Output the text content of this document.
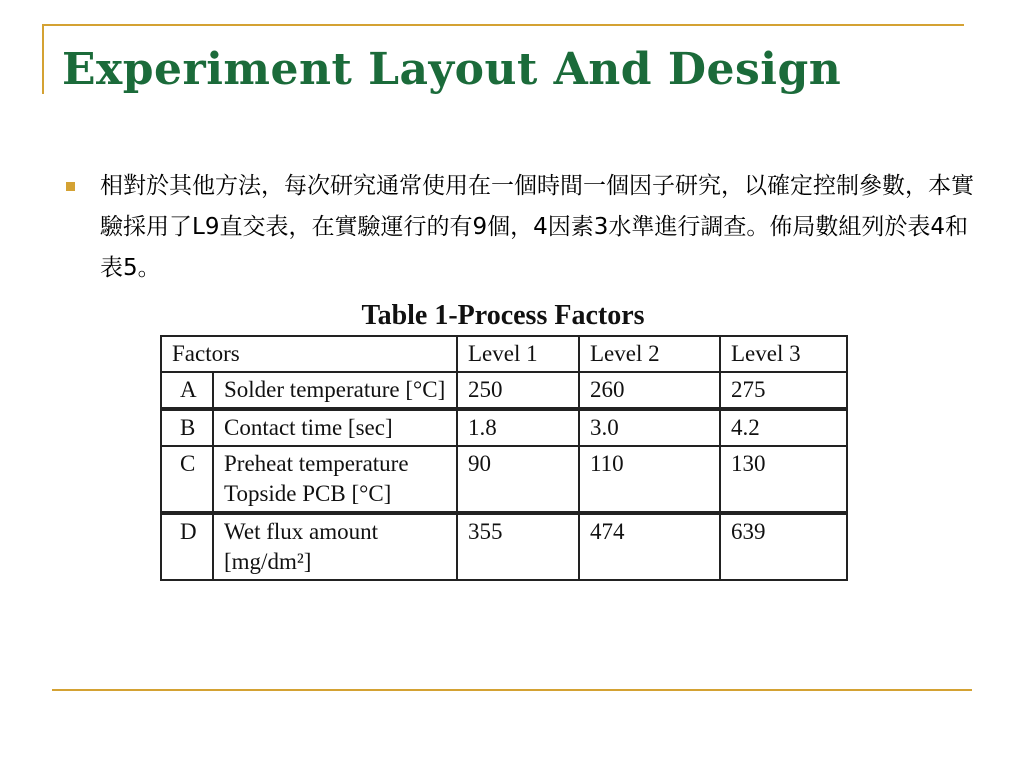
Experiment Layout And Design

相對於其他方法，每次研究通常使用在一個時間一個因子研究，以確定控制參數，本實驗採用了L9直交表，在實驗運行的有9個，4因素3水準進行調查。佈局數組列於表4和表5。

Table 1-Process Factors
Factors		Level 1	Level 2	Level 3
A	Solder temperature [°C]	250	260	275
B	Contact time [sec]	1.8	3.0	4.2
C	Preheat temperature Topside PCB [°C]	90	110	130
D	Wet flux amount [mg/dm²]	355	474	639
